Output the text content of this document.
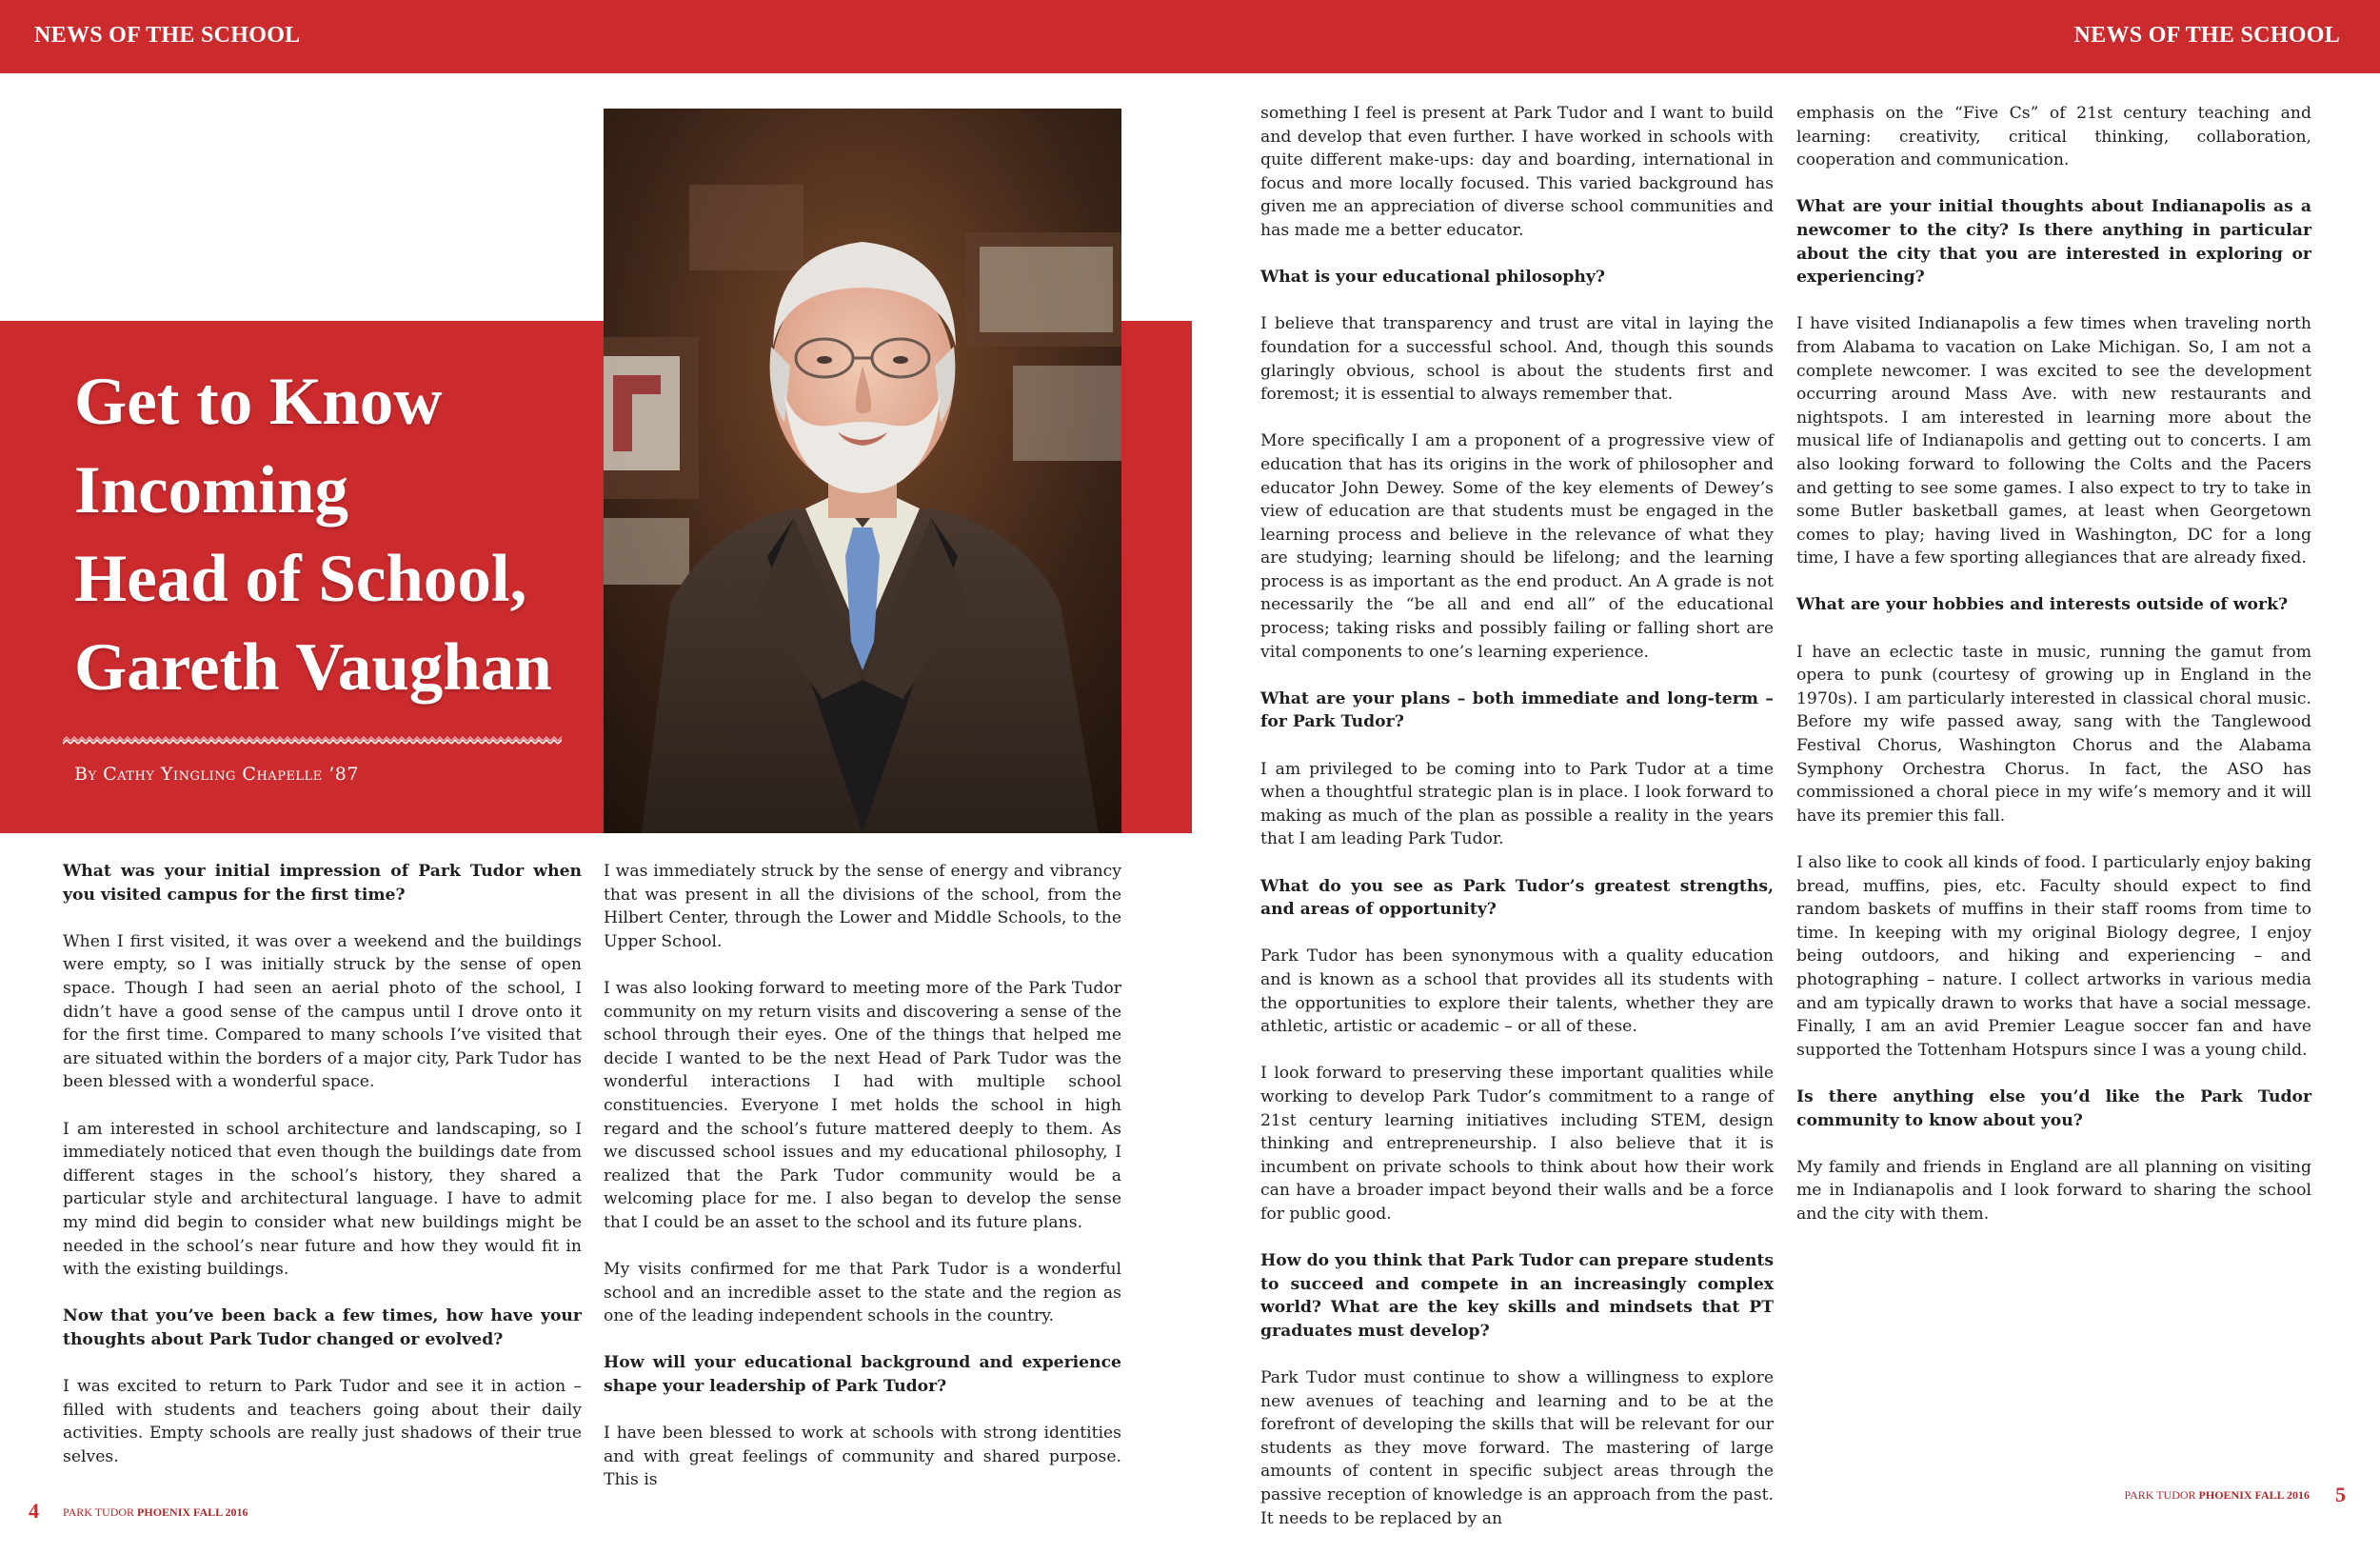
NEWS OF THE SCHOOL	NEWS OF THE SCHOOL
Get to Know
Incoming
Head of School,
Gareth Vaughan
By Cathy Yingling Chapelle ’87

What was your initial impression of Park Tudor when you visited campus for the first time?

When I first visited, it was over a weekend and the buildings were empty, so I was initially struck by the sense of open space. Though I had seen an aerial photo of the school, I didn’t have a good sense of the campus until I drove onto it for the first time. Compared to many schools I’ve visited that are situated within the borders of a major city, Park Tudor has been blessed with a wonderful space.

I am interested in school architecture and landscaping, so I immediately noticed that even though the buildings date from different stages in the school’s history, they shared a particular style and architectural language. I have to admit my mind did begin to consider what new buildings might be needed in the school’s near future and how they would fit in with the existing buildings.

Now that you’ve been back a few times, how have your thoughts about Park Tudor changed or evolved?

I was excited to return to Park Tudor and see it in action – filled with students and teachers going about their daily activities. Empty schools are really just shadows of their true selves.

I was immediately struck by the sense of energy and vibrancy that was present in all the divisions of the school, from the Hilbert Center, through the Lower and Middle Schools, to the Upper School.

I was also looking forward to meeting more of the Park Tudor community on my return visits and discovering a sense of the school through their eyes. One of the things that helped me decide I wanted to be the next Head of Park Tudor was the wonderful interactions I had with multiple school constituencies. Everyone I met holds the school in high regard and the school’s future mattered deeply to them. As we discussed school issues and my educational philosophy, I realized that the Park Tudor community would be a welcoming place for me. I also began to develop the sense that I could be an asset to the school and its future plans.

My visits confirmed for me that Park Tudor is a wonderful school and an incredible asset to the state and the region as one of the leading independent schools in the country.

How will your educational background and experience shape your leadership of Park Tudor?

I have been blessed to work at schools with strong identities and with great feelings of community and shared purpose. This is

something I feel is present at Park Tudor and I want to build and develop that even further. I have worked in schools with quite different make-ups: day and boarding, international in focus and more locally focused. This varied background has given me an appreciation of diverse school communities and has made me a better educator.

What is your educational philosophy?

I believe that transparency and trust are vital in laying the foundation for a successful school. And, though this sounds glaringly obvious, school is about the students first and foremost; it is essential to always remember that.

More specifically I am a proponent of a progressive view of education that has its origins in the work of philosopher and educator John Dewey. Some of the key elements of Dewey’s view of education are that students must be engaged in the learning process and believe in the relevance of what they are studying; learning should be lifelong; and the learning process is as important as the end product. An A grade is not necessarily the “be all and end all” of the educational process; taking risks and possibly failing or falling short are vital components to one’s learning experience.

What are your plans – both immediate and long-term – for Park Tudor?

I am privileged to be coming into to Park Tudor at a time when a thoughtful strategic plan is in place. I look forward to making as much of the plan as possible a reality in the years that I am leading Park Tudor.

What do you see as Park Tudor’s greatest strengths, and areas of opportunity?

Park Tudor has been synonymous with a quality education and is known as a school that provides all its students with the opportunities to explore their talents, whether they are athletic, artistic or academic – or all of these.

I look forward to preserving these important qualities while working to develop Park Tudor’s commitment to a range of 21st century learning initiatives including STEM, design thinking and entrepreneurship. I also believe that it is incumbent on private schools to think about how their work can have a broader impact beyond their walls and be a force for public good.

How do you think that Park Tudor can prepare students to succeed and compete in an increasingly complex world? What are the key skills and mindsets that PT graduates must develop?

Park Tudor must continue to show a willingness to explore new avenues of teaching and learning and to be at the forefront of developing the skills that will be relevant for our students as they move forward. The mastering of large amounts of content in specific subject areas through the passive reception of knowledge is an approach from the past. It needs to be replaced by an

emphasis on the “Five Cs” of 21st century teaching and learning: creativity, critical thinking, collaboration, cooperation and communication.

What are your initial thoughts about Indianapolis as a newcomer to the city? Is there anything in particular about the city that you are interested in exploring or experiencing?

I have visited Indianapolis a few times when traveling north from Alabama to vacation on Lake Michigan. So, I am not a complete newcomer. I was excited to see the development occurring around Mass Ave. with new restaurants and nightspots. I am interested in learning more about the musical life of Indianapolis and getting out to concerts. I am also looking forward to following the Colts and the Pacers and getting to see some games. I also expect to try to take in some Butler basketball games, at least when Georgetown comes to play; having lived in Washington, DC for a long time, I have a few sporting allegiances that are already fixed.

What are your hobbies and interests outside of work?

I have an eclectic taste in music, running the gamut from opera to punk (courtesy of growing up in England in the 1970s). I am particularly interested in classical choral music. Before my wife passed away, sang with the Tanglewood Festival Chorus, Washington Chorus and the Alabama Symphony Orchestra Chorus. In fact, the ASO has commissioned a choral piece in my wife’s memory and it will have its premier this fall.

I also like to cook all kinds of food. I particularly enjoy baking bread, muffins, pies, etc. Faculty should expect to find random baskets of muffins in their staff rooms from time to time. In keeping with my original Biology degree, I enjoy being outdoors, and hiking and experiencing – and photographing – nature. I collect artworks in various media and am typically drawn to works that have a social message. Finally, I am an avid Premier League soccer fan and have supported the Tottenham Hotspurs since I was a young child.

Is there anything else you’d like the Park Tudor community to know about you?

My family and friends in England are all planning on visiting me in Indianapolis and I look forward to sharing the school and the city with them.

4 PARK TUDOR PHOENIX FALL 2016
PARK TUDOR PHOENIX FALL 2016 5
